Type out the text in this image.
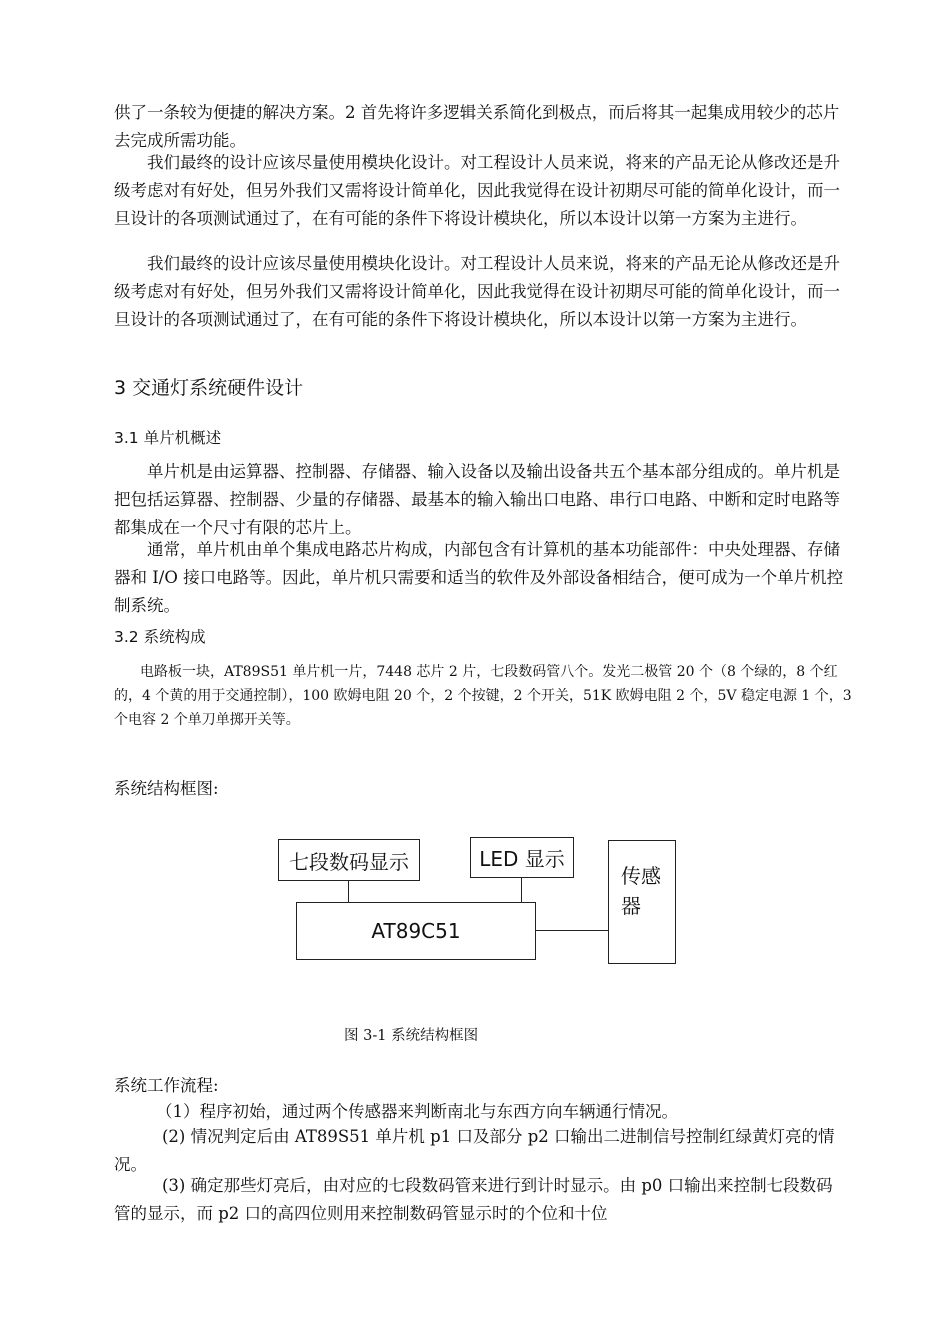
供了一条较为便捷的解决方案。2 首先将许多逻辑关系简化到极点，而后将其一起集成用较少的芯片去完成所需功能。

我们最终的设计应该尽量使用模块化设计。对工程设计人员来说，将来的产品无论从修改还是升级考虑对有好处，但另外我们又需将设计简单化，因此我觉得在设计初期尽可能的简单化设计，而一旦设计的各项测试通过了，在有可能的条件下将设计模块化，所以本设计以第一方案为主进行。

我们最终的设计应该尽量使用模块化设计。对工程设计人员来说，将来的产品无论从修改还是升级考虑对有好处，但另外我们又需将设计简单化，因此我觉得在设计初期尽可能的简单化设计，而一旦设计的各项测试通过了，在有可能的条件下将设计模块化，所以本设计以第一方案为主进行。

3 交通灯系统硬件设计
3.1 单片机概述

单片机是由运算器、控制器、存储器、输入设备以及输出设备共五个基本部分组成的。单片机是把包括运算器、控制器、少量的存储器、最基本的输入输出口电路、串行口电路、中断和定时电路等都集成在一个尺寸有限的芯片上。

通常，单片机由单个集成电路芯片构成，内部包含有计算机的基本功能部件：中央处理器、存储器和 I/O 接口电路等。因此，单片机只需要和适当的软件及外部设备相结合，便可成为一个单片机控制系统。

3.2 系统构成

电路板一块，AT89S51 单片机一片，7448 芯片 2 片，七段数码管八个。发光二极管 20 个（8 个绿的，8 个红的，4 个黄的用于交通控制），100 欧姆电阻 20 个，2 个按键，2 个开关，51K 欧姆电阻 2 个，5V 稳定电源 1 个，3 个电容 2 个单刀单掷开关等。

系统结构框图:
七段数码显示	LED 显示
AT89C51
传感器
图 3-1 系统结构框图
系统工作流程:

（1）程序初始，通过两个传感器来判断南北与东西方向车辆通行情况。

(2) 情况判定后由 AT89S51 单片机 p1 口及部分 p2 口输出二进制信号控制红绿黄灯亮的情况。

(3) 确定那些灯亮后，由对应的七段数码管来进行到计时显示。由 p0 口输出来控制七段数码管的显示，而 p2 口的高四位则用来控制数码管显示时的个位和十位
